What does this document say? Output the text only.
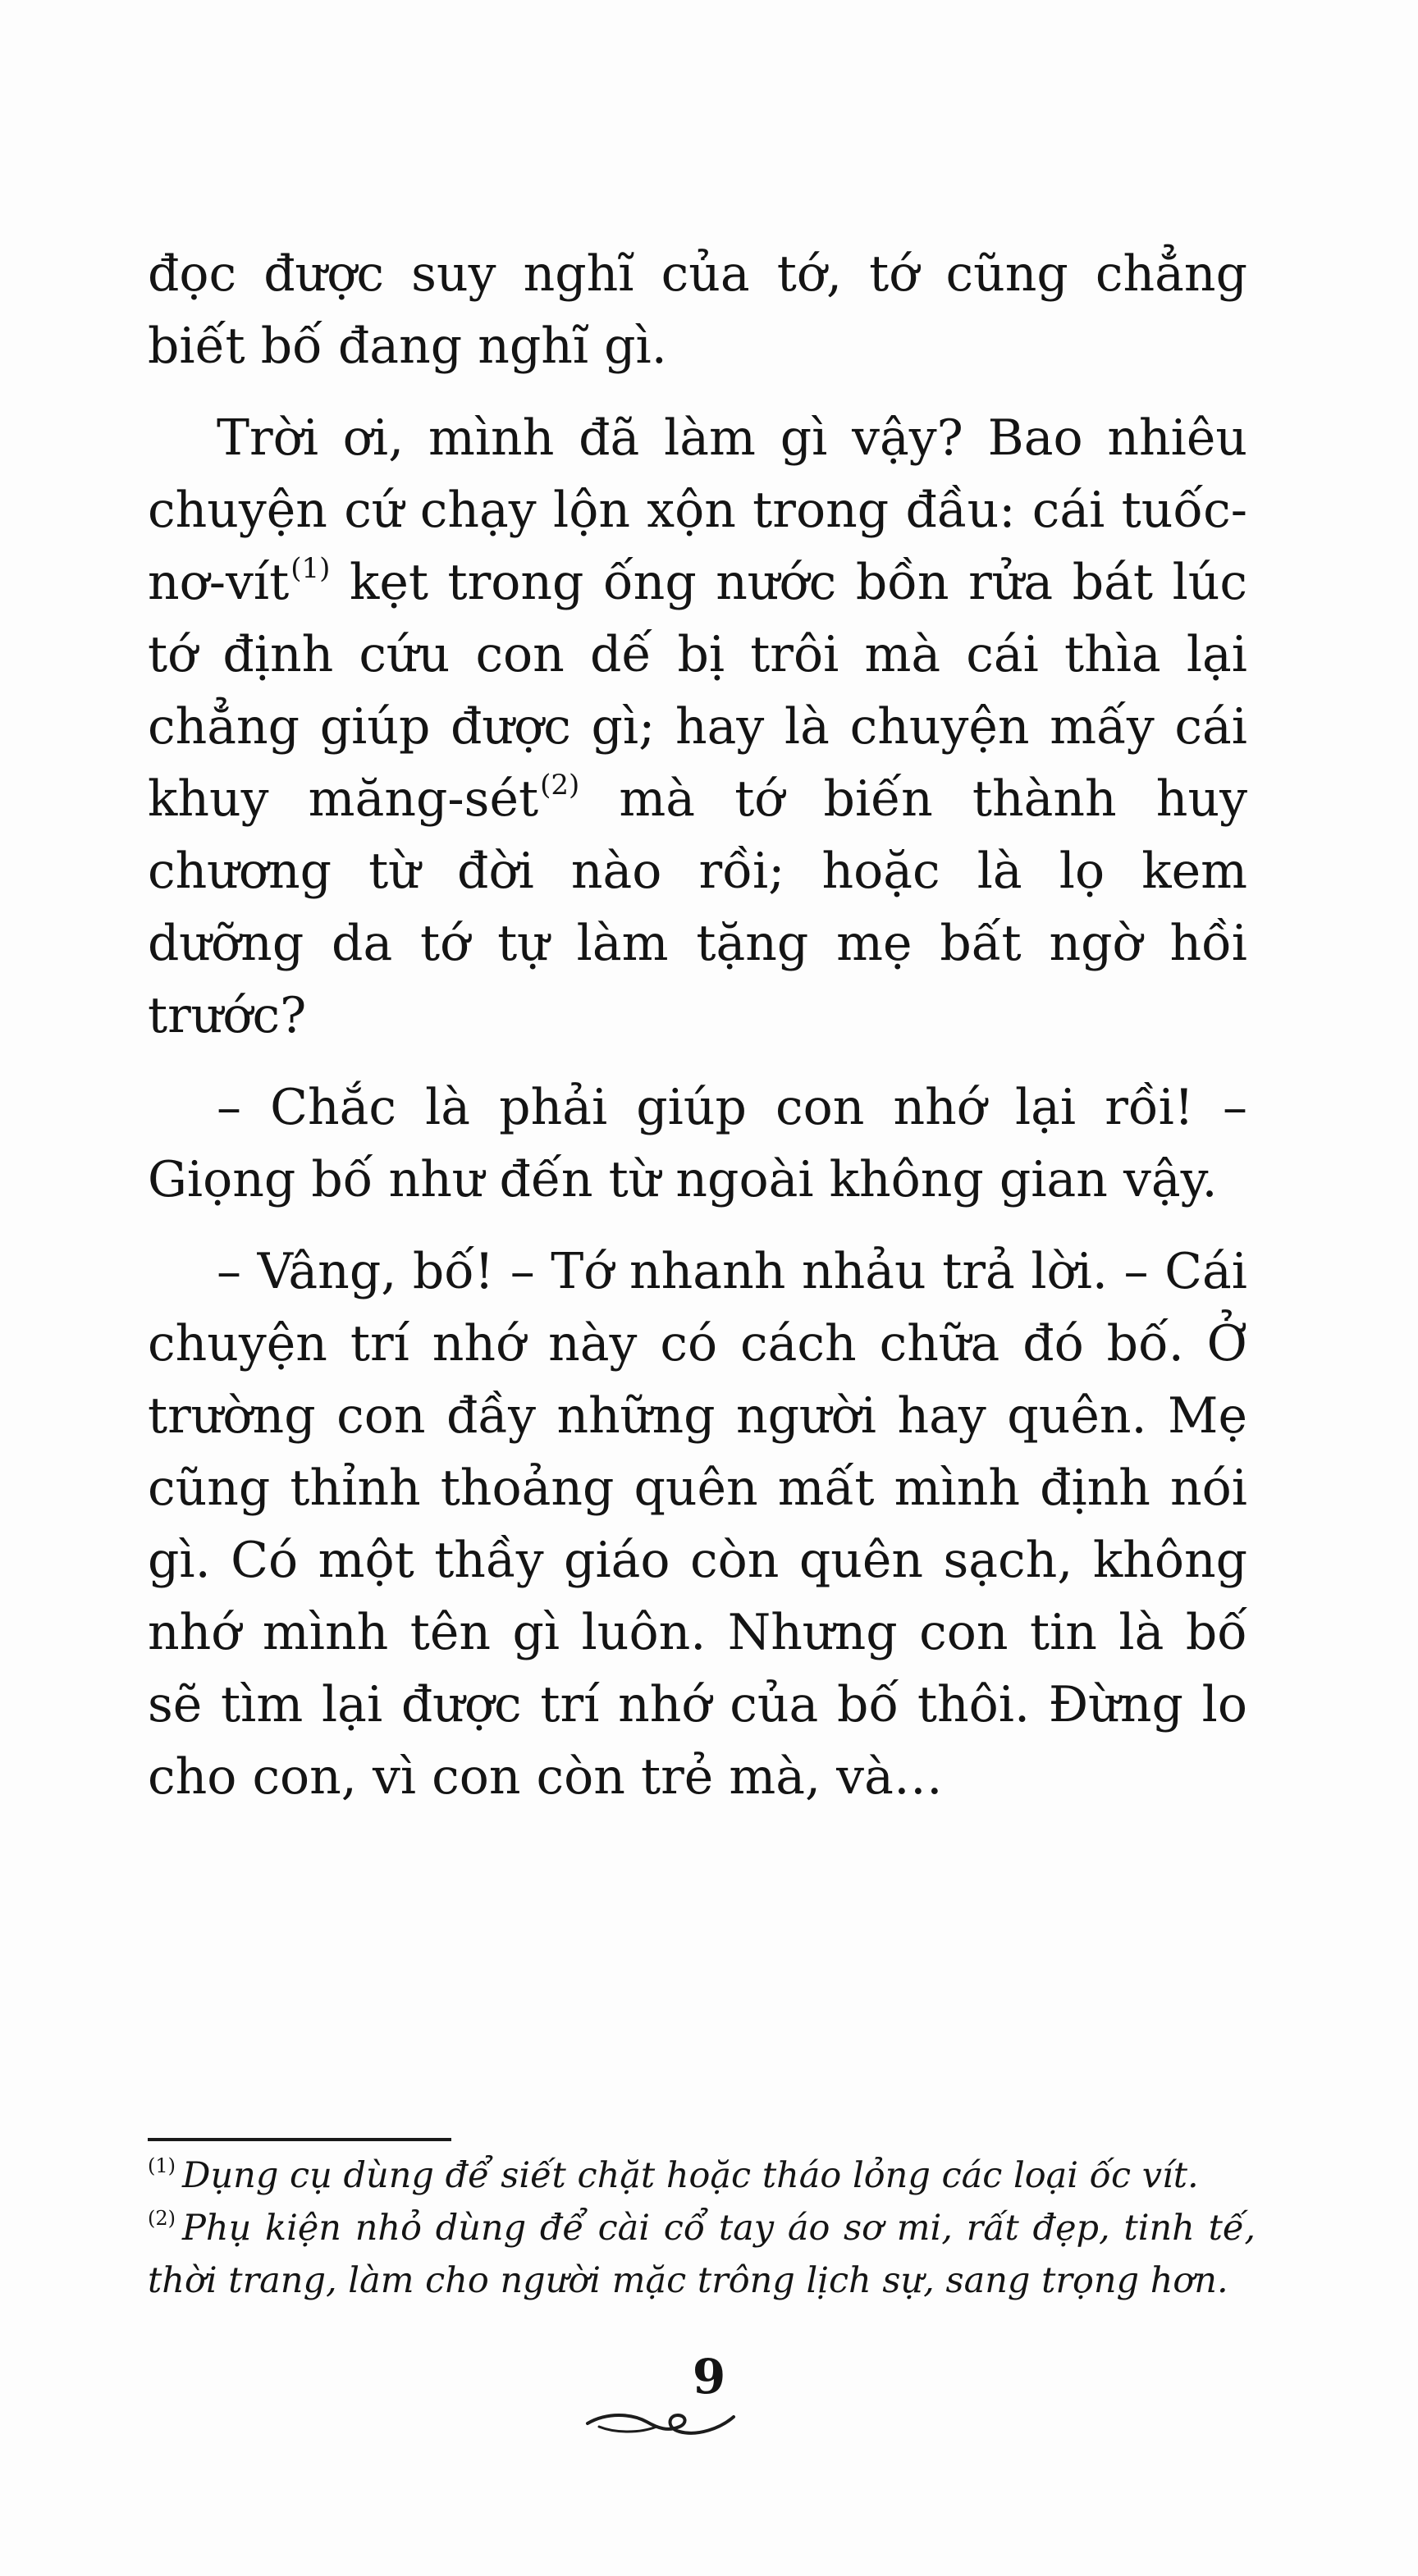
đọc được suy nghĩ của tớ, tớ cũng chẳng biết bố đang nghĩ gì.

Trời ơi, mình đã làm gì vậy? Bao nhiêu chuyện cứ chạy lộn xộn trong đầu: cái tuốc-nơ-vít$^{(1)}$ kẹt trong ống nước bồn rửa bát lúc tớ định cứu con dế bị trôi mà cái thìa lại chẳng giúp được gì; hay là chuyện mấy cái khuy măng-sét$^{(2)}$ mà tớ biến thành huy chương từ đời nào rồi; hoặc là lọ kem dưỡng da tớ tự làm tặng mẹ bất ngờ hồi trước?

– Chắc là phải giúp con nhớ lại rồi! – Giọng bố như đến từ ngoài không gian vậy.

– Vâng, bố! – Tớ nhanh nhảu trả lời. – Cái chuyện trí nhớ này có cách chữa đó bố. Ở trường con đầy những người hay quên. Mẹ cũng thỉnh thoảng quên mất mình định nói gì. Có một thầy giáo còn quên sạch, không nhớ mình tên gì luôn. Nhưng con tin là bố sẽ tìm lại được trí nhớ của bố thôi. Đừng lo cho con, vì con còn trẻ mà, và…

$^{(1)}$ Dụng cụ dùng để siết chặt hoặc tháo lỏng các loại ốc vít.

$^{(2)}$ Phụ kiện nhỏ dùng để cài cổ tay áo sơ mi, rất đẹp, tinh tế, thời trang, làm cho người mặc trông lịch sự, sang trọng hơn.

9
